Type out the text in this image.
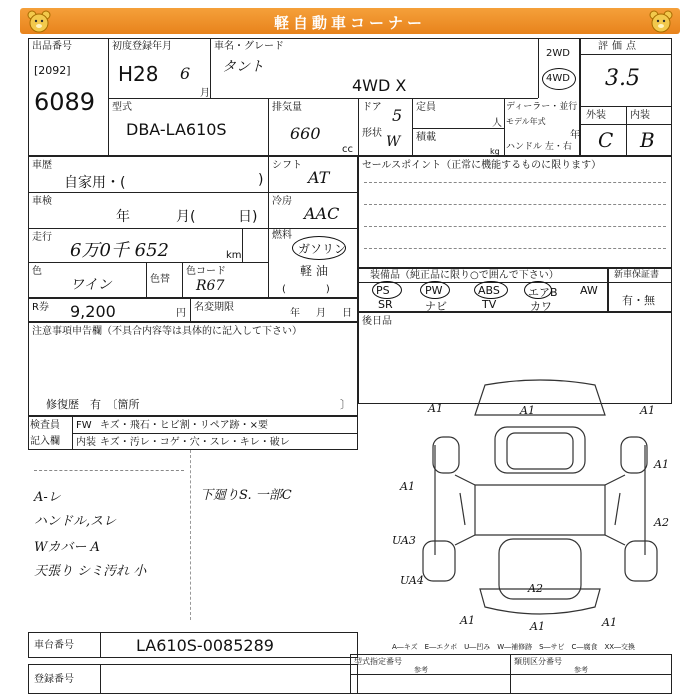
軽自動車コーナー
出品番号
[2092]
6089
初度登録年月
H28 6
月
車名・グレード
タント
4WD X
2WD
4WD
評価点
3.5
外装 内装
C B
型式
DBA-LA610S
排気量
660
cc
ドア 5
形状
W
定員
人
積載
kg
ディーラー・並行
モデル年式
年
ハンドル 左・右
車歴
自家用・(	)
シフト
AT
車検
年	月(	日)
冷房
AAC
走行
6万0千 652	km
燃料
ガソリン
軽 油
(　　　　)
色
ワイン	色替
色コード
R67
セールスポイント（正常に機能するものに限ります）
装備品（純正品に限り○で囲んで下さい）
PS	PW	ABS	エアB AW
SR	ナビ	TV	カワ
新車保証書
有・無
R券 9,200	円
名変期限
年 月 日
注意事項申告欄（不具合内容等は具体的に記入して下さい）
修復歴　有　〔箇所	〕
後日品
検査員
記入欄
FW キズ・飛石・ヒビ割・リペア跡・×要
内装 キズ・汚レ・コゲ・穴・スレ・キレ・破レ
A-レ
ハンドル,スレ
Wカバー A
天張り シミ汚れ 小
下廻りS. 一部C
A1	A1	A1
A1
A1
A2
UA3
UA4
A2
A1	A1	A1
車台番号	LA610S-0085289	A―キズ　E―エクボ　U―凹み　W―補修跡　S―サビ　C―腐食　XX―交換
登録番号
型式指定番号
参考
類別区分番号
参考
